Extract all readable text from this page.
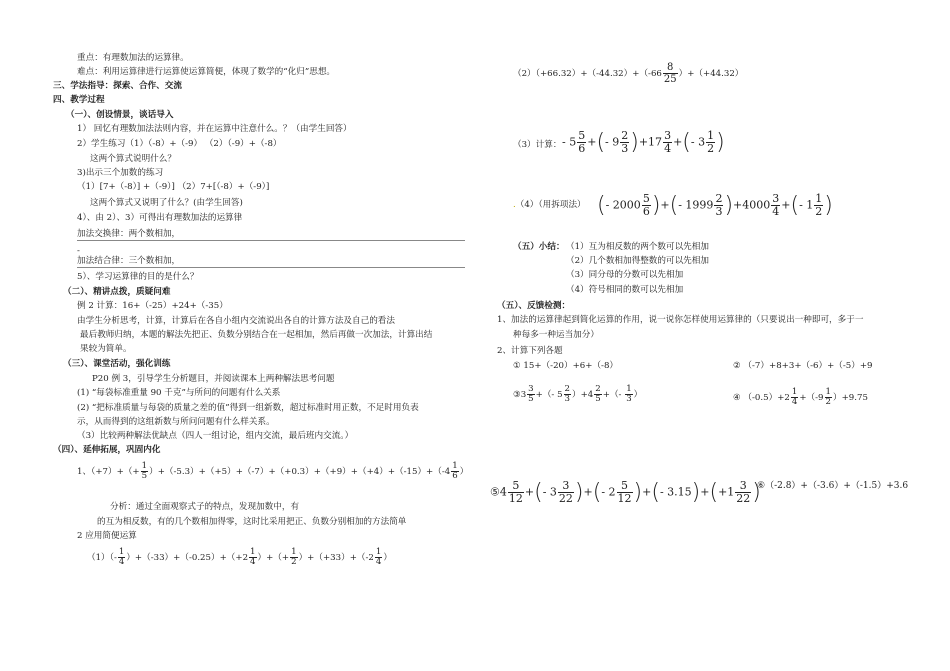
重点：有理数加法的运算律。
难点：利用运算律进行运算使运算简便，体现了数学的“化归”思想。
三、学法指导：探索、合作、交流
四、教学过程
（一）、创设情景，谈话导入
1） 回忆有理数加法法则内容，并在运算中注意什么。？（由学生回答）
2）学生练习（1）（-8）+（-9） （2）（-9）+（-8）
这两个算式说明什么？
3)出示三个加数的练习
（1）[7+（-8）] +（-9）] （2）7+[（-8）+（-9）]
这两个算式又说明了什么？(由学生回答)
4）、由 2）、3）可得出有理数加法的运算律
加法交换律：两个数相加，
-
加法结合律：三个数相加，
5）、学习运算律的目的是什么？
（二）、精讲点拨，质疑问难
例 2 计算：16+（-25）+24+（-35）
由学生分析思考，计算，计算后在各自小组内交流说出各自的计算方法及自己的看法
最后教师归纳，本题的解法先把正、负数分别结合在一起相加，然后再做一次加法，计算出结
果较为简单。
（三）、课堂活动，强化训练
P20 例 3，引导学生分析题目，并阅读课本上两种解法思考问题
(1) “每袋标准重量 90 千克”与所问的问题有什么关系
(2) “把标准质量与每袋的质量之差的值”得到一组新数，超过标准时用正数，不足时用负表
示，从而得到的这组新数与所问问题有什么样关系。
（3）比较两种解法优缺点（四人一组讨论，组内交流，最后班内交流。）
（四）、延伸拓展，巩固内化
1、$(+7)+(+ \frac{1}{5} )+(-5.3)+(+5)+(-7)+(+0.3)+(+9)+(+4)+(-15)+(-4 \frac{1}{6}$ ）
分析：通过全面观察式子的特点，发现加数中，有
的互为相反数，有的几个数相加得零，这时比采用把正、负数分别相加的方法简单
2 应用简便运算
$(1)(- \frac{1}{4} )+(-33)+(-0.25)+(+2 \frac{1}{4}$ ）+（+ $\frac{1}{2} )+(+33)+(-2 \frac{1}{4}$ ）
$(2)(+66.32)+(-44.32)+(-66 \frac{8}{25} )+(+44.32)$
（3）计算： - $5 \frac{5}{6}$ +(- $9 \frac{2}{3} )+17 \frac{3}{4}$ +(- $3 \frac{1}{2}$ )
.（4）（用拆项法） (- $2000 \frac{5}{6}$ )+(- $1999 \frac{2}{3} )+4000 \frac{3}{4}$ +(- $1 \frac{1}{2}$ )
（五）小结： （1）互为相反数的两个数可以先相加
（2）几个数相加得整数的可以先相加
（3）同分母的分数可以先相加
（4）符号相同的数可以先相加
（五）、反馈检测：
1、加法的运算律起到简化运算的作用，说一说你怎样使用运算律的（只要说出一种即可，多于一
种每多一种运当加分）
2、计算下列各题
① 15+（-20）+6+（-8）	② （-7）+8+3+（-6）+（-5）+9
③3 $\frac{3}{5}$ +（- $5 \frac{2}{3} )+4 \frac{2}{5}$ +（- $\frac{1}{3}$ ）	④ $(-0.5)+2 \frac{1}{4} +(-9 \frac{1}{2} )+9.75$
⑤4 $\frac{5}{12}$ +(- $3 \frac{3}{22}$ )+(- $2 \frac{5}{12}$ )+(- $3.15)+(+1 \frac{3}{22}$ )
⑥（-2.8）+（-3.6）+（-1.5）+3.6
